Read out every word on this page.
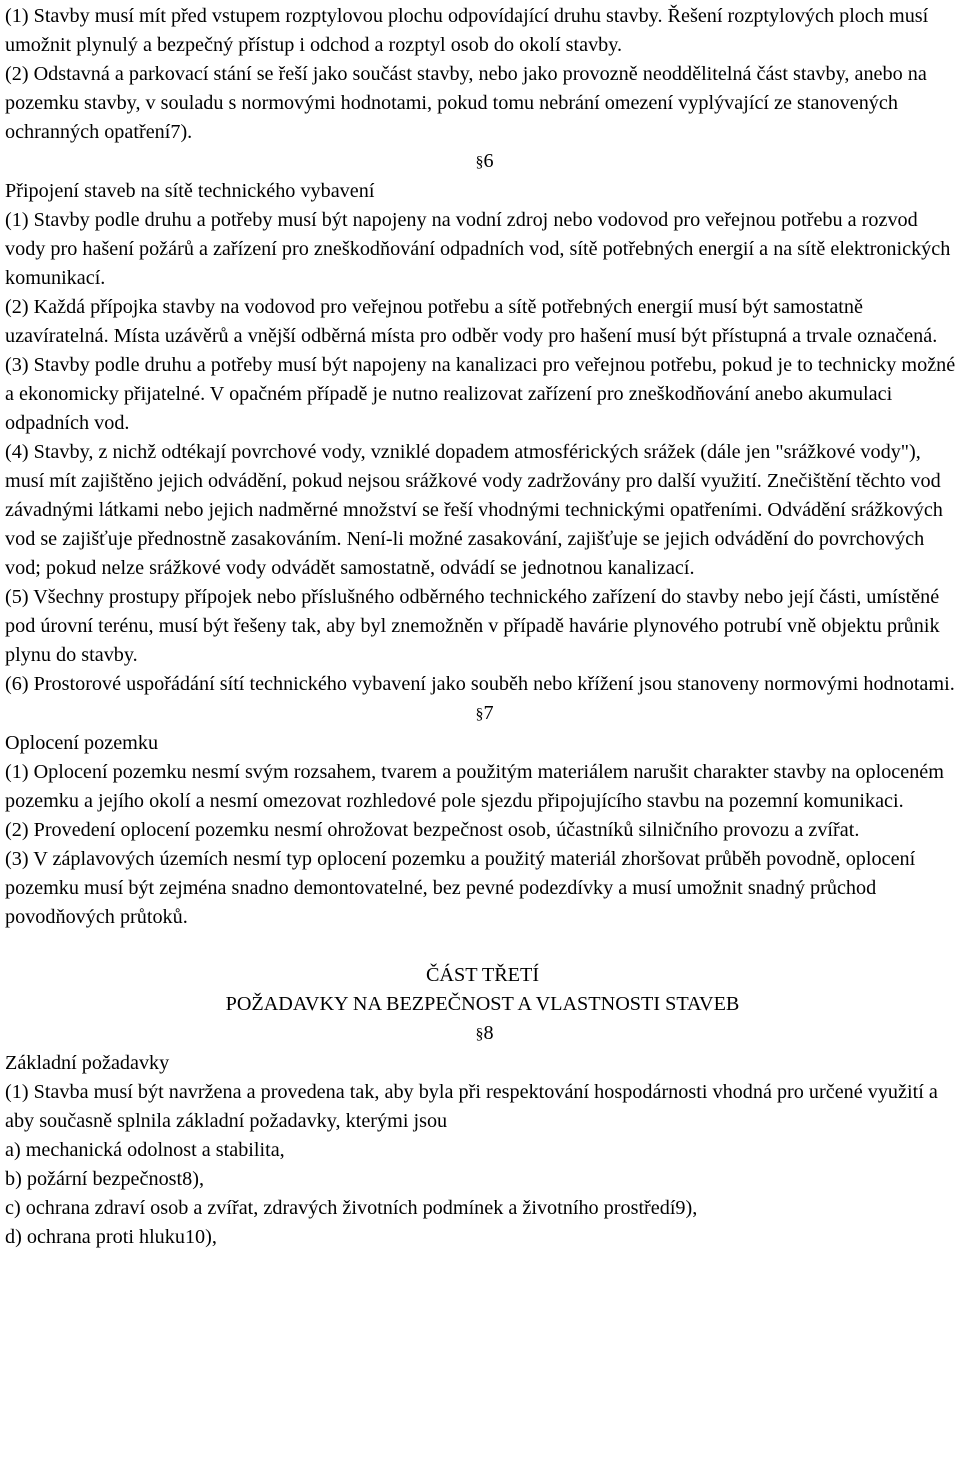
(1) Stavby musí mít před vstupem rozptylovou plochu odpovídající druhu stavby. Řešení rozptylových ploch musí umožnit plynulý a bezpečný přístup i odchod a rozptyl osob do okolí stavby.

(2) Odstavná a parkovací stání se řeší jako součást stavby, nebo jako provozně neoddělitelná část stavby, anebo na pozemku stavby, v souladu s normovými hodnotami, pokud tomu nebrání omezení vyplývající ze stanovených ochranných opatření7).

§6

Připojení staveb na sítě technického vybavení

(1) Stavby podle druhu a potřeby musí být napojeny na vodní zdroj nebo vodovod pro veřejnou potřebu a rozvod vody pro hašení požárů a zařízení pro zneškodňování odpadních vod, sítě potřebných energií a na sítě elektronických komunikací.

(2) Každá přípojka stavby na vodovod pro veřejnou potřebu a sítě potřebných energií musí být samostatně uzavíratelná. Místa uzávěrů a vnější odběrná místa pro odběr vody pro hašení musí být přístupná a trvale označená.

(3) Stavby podle druhu a potřeby musí být napojeny na kanalizaci pro veřejnou potřebu, pokud je to technicky možné a ekonomicky přijatelné. V opačném případě je nutno realizovat zařízení pro zneškodňování anebo akumulaci odpadních vod.

(4) Stavby, z nichž odtékají povrchové vody, vzniklé dopadem atmosférických srážek (dále jen "srážkové vody"), musí mít zajištěno jejich odvádění, pokud nejsou srážkové vody zadržovány pro další využití. Znečištění těchto vod závadnými látkami nebo jejich nadměrné množství se řeší vhodnými technickými opatřeními. Odvádění srážkových vod se zajišťuje přednostně zasakováním. Není-li možné zasakování, zajišťuje se jejich odvádění do povrchových vod; pokud nelze srážkové vody odvádět samostatně, odvádí se jednotnou kanalizací.

(5) Všechny prostupy přípojek nebo příslušného odběrného technického zařízení do stavby nebo její části, umístěné pod úrovní terénu, musí být řešeny tak, aby byl znemožněn v případě havárie plynového potrubí vně objektu průnik plynu do stavby.

(6) Prostorové uspořádání sítí technického vybavení jako souběh nebo křížení jsou stanoveny normovými hodnotami.

§7

Oplocení pozemku

(1) Oplocení pozemku nesmí svým rozsahem, tvarem a použitým materiálem narušit charakter stavby na oploceném pozemku a jejího okolí a nesmí omezovat rozhledové pole sjezdu připojujícího stavbu na pozemní komunikaci.

(2) Provedení oplocení pozemku nesmí ohrožovat bezpečnost osob, účastníků silničního provozu a zvířat.

(3) V záplavových územích nesmí typ oplocení pozemku a použitý materiál zhoršovat průběh povodně, oplocení pozemku musí být zejména snadno demontovatelné, bez pevné podezdívky a musí umožnit snadný průchod povodňových průtoků.

ČÁST TŘETÍ

POŽADAVKY NA BEZPEČNOST A VLASTNOSTI STAVEB

§8

Základní požadavky

(1) Stavba musí být navržena a provedena tak, aby byla při respektování hospodárnosti vhodná pro určené využití a aby současně splnila základní požadavky, kterými jsou

a) mechanická odolnost a stabilita,

b) požární bezpečnost8),

c) ochrana zdraví osob a zvířat, zdravých životních podmínek a životního prostředí9),

d) ochrana proti hluku10),
